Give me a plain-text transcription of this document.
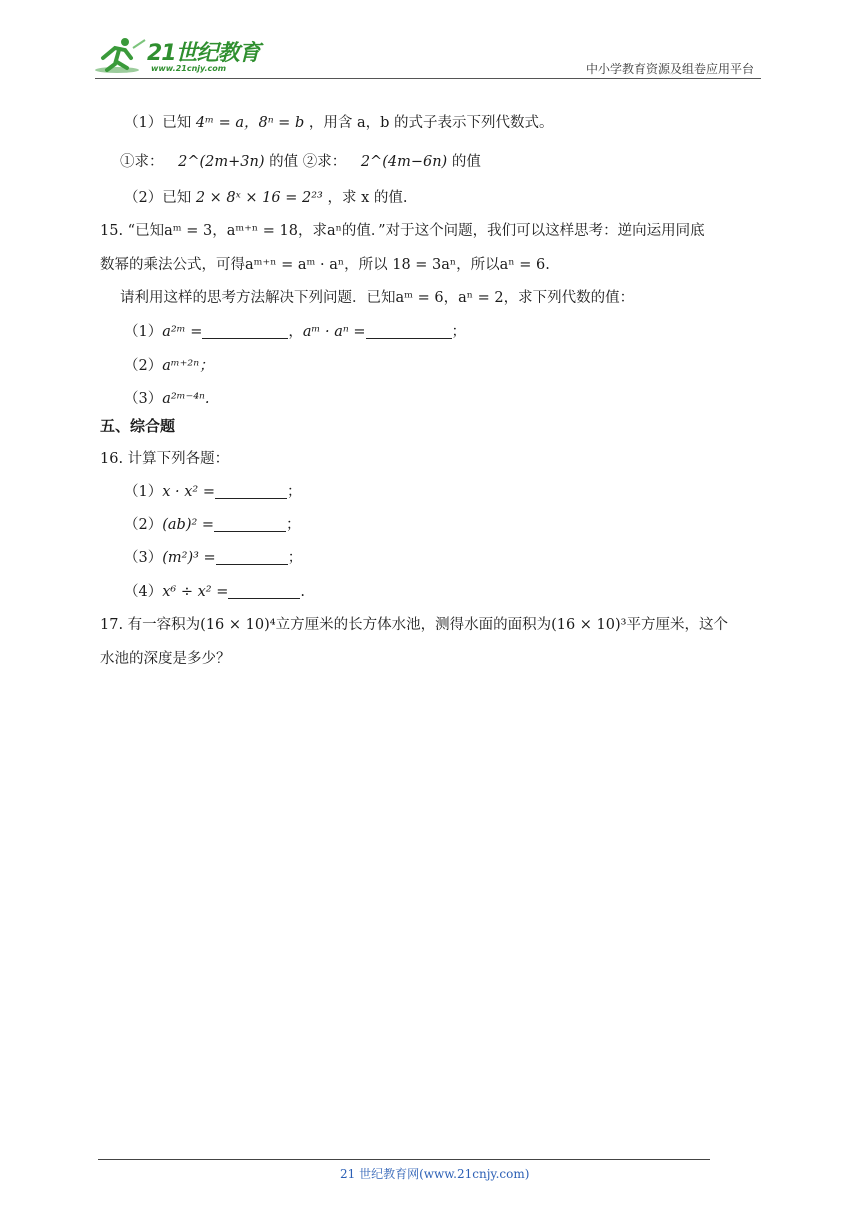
21世纪教育
www.21cnjy.com	中小学教育资源及组卷应用平台
（1）已知 4ᵐ = a，8ⁿ = b ，用含 a，b 的式子表示下列代数式。
①求： 2^(2m+3n) 的值 ②求： 2^(4m−6n) 的值
（2）已知 2 × 8ˣ × 16 = 2²³ ，求 x 的值.
15. “已知aᵐ = 3，aᵐ⁺ⁿ = 18，求aⁿ的值．”对于这个问题，我们可以这样思考：逆向运用同底
数幂的乘法公式，可得aᵐ⁺ⁿ = aᵐ · aⁿ，所以 18 = 3aⁿ，所以aⁿ = 6.
请利用这样的思考方法解决下列问题．已知aᵐ = 6，aⁿ = 2，求下列代数的值：
（1）a²ᵐ =	，aᵐ · aⁿ =	；
（2）aᵐ⁺²ⁿ；
（3）a²ᵐ⁻⁴ⁿ.
五、综合题
16. 计算下列各题：
（1）x · x² =	；
（2）(ab)² =	；
（3）(m²)³ =	；
（4）x⁶ ÷ x² =	.
17. 有一容积为(16 × 10)⁴立方厘米的长方体水池，测得水面的面积为(16 × 10)³平方厘米，这个
水池的深度是多少？
21 世纪教育网(www.21cnjy.com)
